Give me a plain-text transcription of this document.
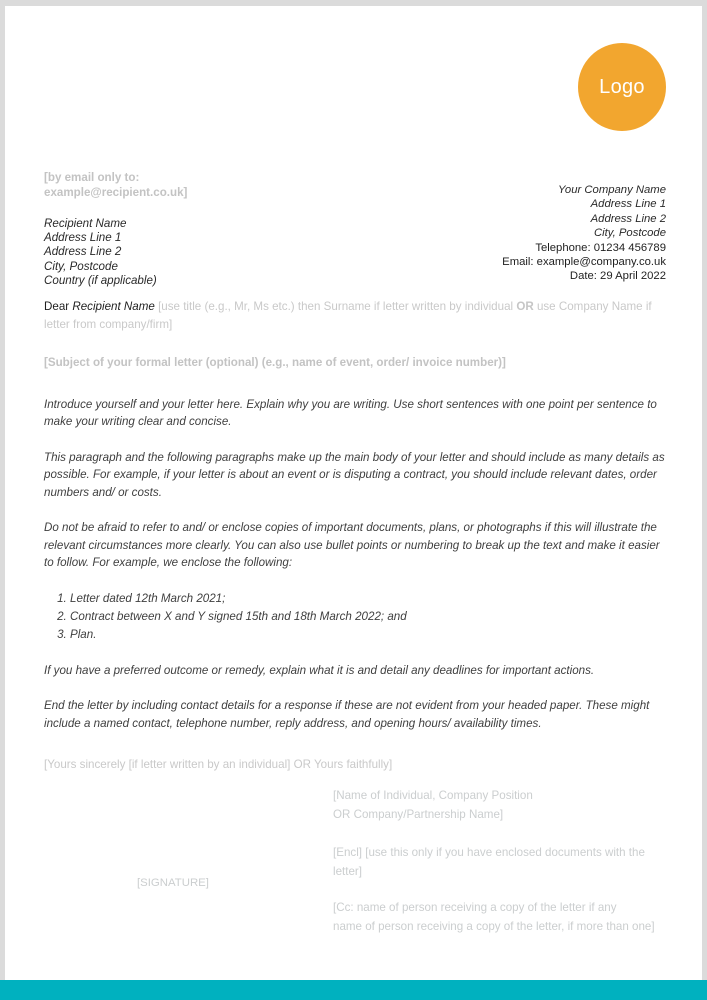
Logo
[by email only to:
example@recipient.co.uk]
Recipient Name
Address Line 1
Address Line 2
City, Postcode
Country (if applicable)
Your Company Name
Address Line 1
Address Line 2
City, Postcode
Telephone: 01234 456789
Email: example@company.co.uk
Date: 29 April 2022

Dear Recipient Name [use title (e.g., Mr, Ms etc.) then Surname if letter written by individual OR use Company Name if letter from company/firm]

[Subject of your formal letter (optional) (e.g., name of event, order/ invoice number)]

Introduce yourself and your letter here. Explain why you are writing. Use short sentences with one point per sentence to make your writing clear and concise.

This paragraph and the following paragraphs make up the main body of your letter and should include as many details as possible. For example, if your letter is about an event or is disputing a contract, you should include relevant dates, order numbers and/ or costs.

Do not be afraid to refer to and/ or enclose copies of important documents, plans, or photographs if this will illustrate the relevant circumstances more clearly. You can also use bullet points or numbering to break up the text and make it easier to follow. For example, we enclose the following:

1. Letter dated 12th March 2021;
2. Contract between X and Y signed 15th and 18th March 2022; and
3. Plan.

If you have a preferred outcome or remedy, explain what it is and detail any deadlines for important actions.

End the letter by including contact details for a response if these are not evident from your headed paper. These might include a named contact, telephone number, reply address, and opening hours/ availability times.

[Yours sincerely [if letter written by an individual] OR Yours faithfully]

[SIGNATURE]

[Name of Individual, Company Position
OR Company/Partnership Name]

[Encl] [use this only if you have enclosed documents with the letter]

[Cc: name of person receiving a copy of the letter if any
name of person receiving a copy of the letter, if more than one]
